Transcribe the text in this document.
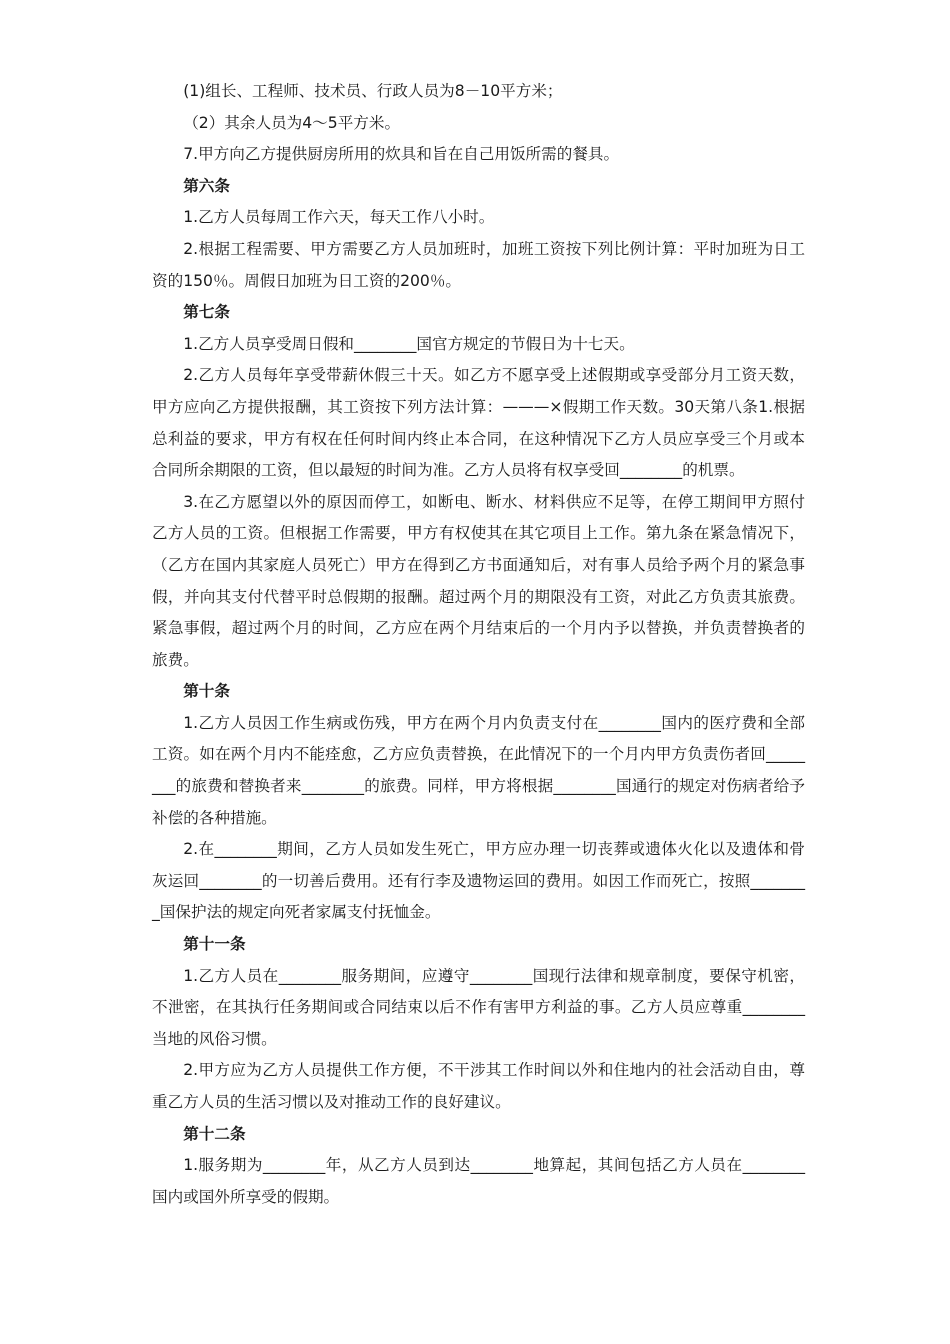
(1)组长、工程师、技术员、行政人员为8－10平方米；

（2）其余人员为4～5平方米。

7.甲方向乙方提供厨房所用的炊具和旨在自己用饭所需的餐具。

第六条

1.乙方人员每周工作六天，每天工作八小时。

2.根据工程需要、甲方需要乙方人员加班时，加班工资按下列比例计算：平时加班为日工资的150％。周假日加班为日工资的200％。

第七条

1.乙方人员享受周日假和________国官方规定的节假日为十七天。

2.乙方人员每年享受带薪休假三十天。如乙方不愿享受上述假期或享受部分月工资天数，甲方应向乙方提供报酬，其工资按下列方法计算：———×假期工作天数。30天第八条1.根据总利益的要求，甲方有权在任何时间内终止本合同，在这种情况下乙方人员应享受三个月或本合同所余期限的工资，但以最短的时间为准。乙方人员将有权享受回________的机票。

3.在乙方愿望以外的原因而停工，如断电、断水、材料供应不足等，在停工期间甲方照付乙方人员的工资。但根据工作需要，甲方有权使其在其它项目上工作。第九条在紧急情况下，（乙方在国内其家庭人员死亡）甲方在得到乙方书面通知后，对有事人员给予两个月的紧急事假，并向其支付代替平时总假期的报酬。超过两个月的期限没有工资，对此乙方负责其旅费。紧急事假，超过两个月的时间，乙方应在两个月结束后的一个月内予以替换，并负责替换者的旅费。

第十条

1.乙方人员因工作生病或伤残，甲方在两个月内负责支付在________国内的医疗费和全部工资。如在两个月内不能痊愈，乙方应负责替换，在此情况下的一个月内甲方负责伤者回________的旅费和替换者来________的旅费。同样，甲方将根据________国通行的规定对伤病者给予补偿的各种措施。

2.在________期间，乙方人员如发生死亡，甲方应办理一切丧葬或遗体火化以及遗体和骨灰运回________的一切善后费用。还有行李及遗物运回的费用。如因工作而死亡，按照________国保护法的规定向死者家属支付抚恤金。

第十一条

1.乙方人员在________服务期间，应遵守________国现行法律和规章制度，要保守机密，不泄密，在其执行任务期间或合同结束以后不作有害甲方利益的事。乙方人员应尊重________当地的风俗习惯。

2.甲方应为乙方人员提供工作方便，不干涉其工作时间以外和住地内的社会活动自由，尊重乙方人员的生活习惯以及对推动工作的良好建议。

第十二条

1.服务期为________年，从乙方人员到达________地算起，其间包括乙方人员在________国内或国外所享受的假期。
